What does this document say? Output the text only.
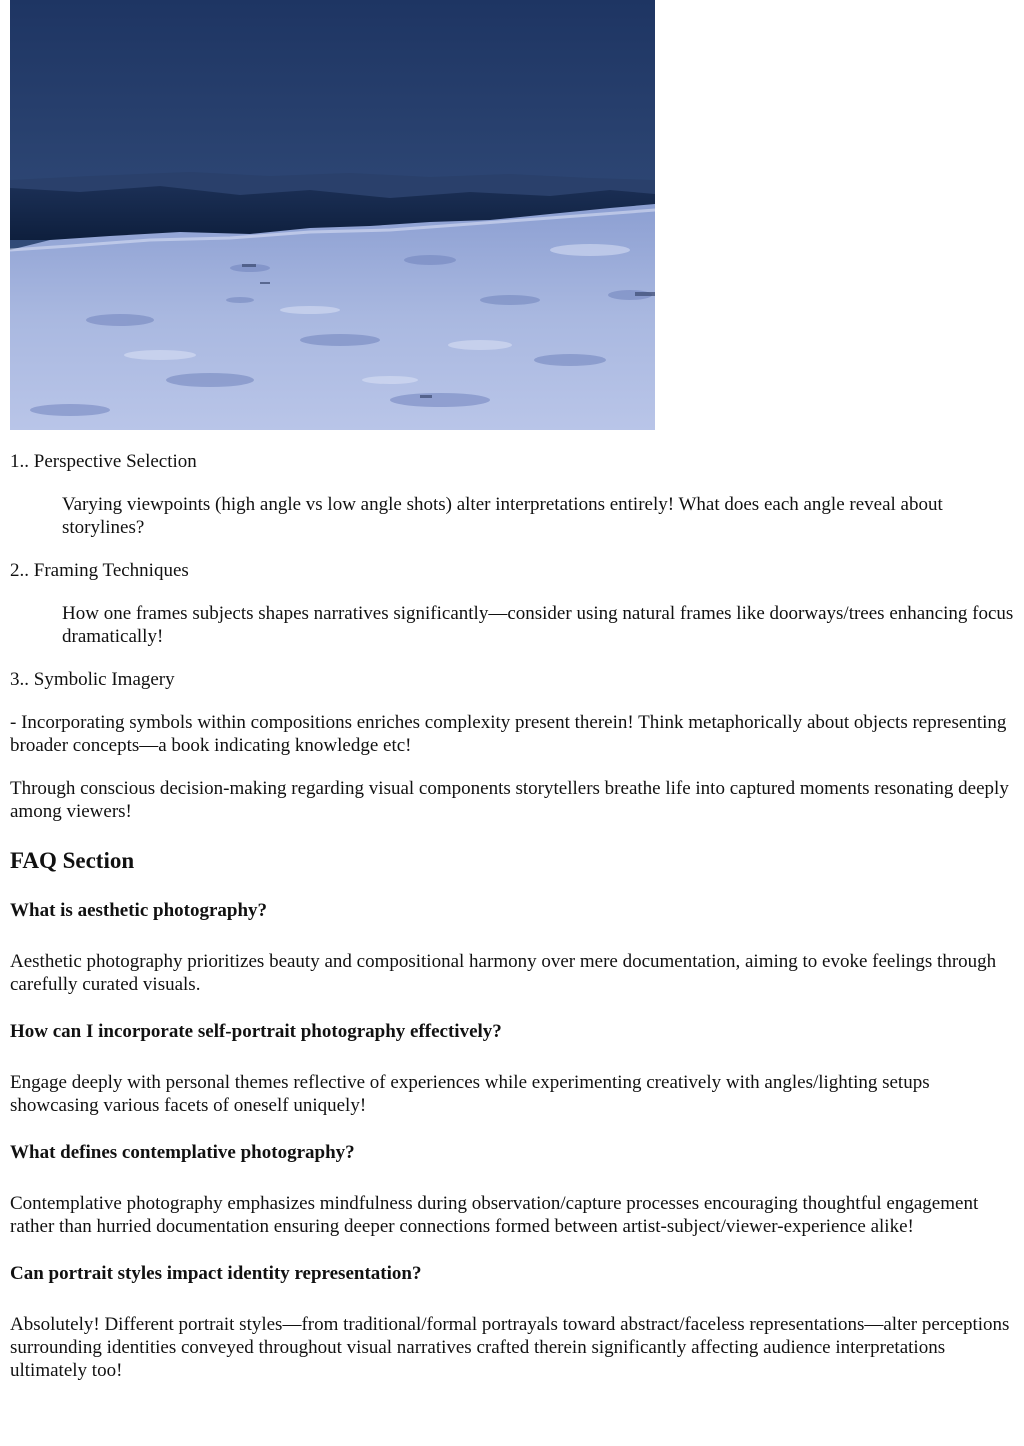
1.. Perspective Selection
Varying viewpoints (high angle vs low angle shots) alter interpretations entirely! What does each angle reveal about storylines?
2.. Framing Techniques
How one frames subjects shapes narratives significantly—consider using natural frames like doorways/trees enhancing focus dramatically!
3.. Symbolic Imagery

- Incorporating symbols within compositions enriches complexity present therein! Think metaphorically about objects representing broader concepts—a book indicating knowledge etc!

Through conscious decision-making regarding visual components storytellers breathe life into captured moments resonating deeply among viewers!

FAQ Section
What is aesthetic photography?

Aesthetic photography prioritizes beauty and compositional harmony over mere documentation, aiming to evoke feelings through carefully curated visuals.

How can I incorporate self-portrait photography effectively?

Engage deeply with personal themes reflective of experiences while experimenting creatively with angles/lighting setups showcasing various facets of oneself uniquely!

What defines contemplative photography?

Contemplative photography emphasizes mindfulness during observation/capture processes encouraging thoughtful engagement rather than hurried documentation ensuring deeper connections formed between artist-subject/viewer-experience alike!

Can portrait styles impact identity representation?

Absolutely! Different portrait styles—from traditional/formal portrayals toward abstract/faceless representations—alter perceptions surrounding identities conveyed throughout visual narratives crafted therein significantly affecting audience interpretations ultimately too!
